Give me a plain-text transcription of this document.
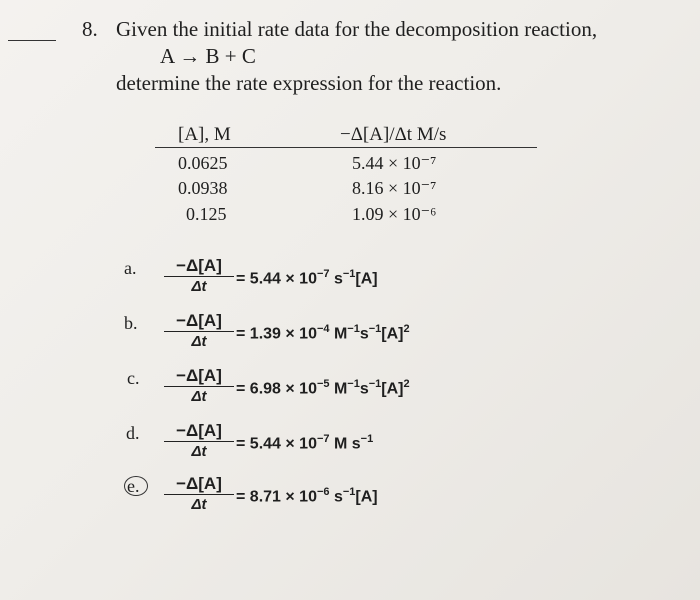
8. Given the initial rate data for the decomposition reaction,
A → B + C
determine the rate expression for the reaction.
[A], M	−Δ[A]/Δt M/s
0.0625	5.44 × 10⁻⁷
0.0938	8.16 × 10⁻⁷
0.125	1.09 × 10⁻⁶
a.	−Δ[A]
Δt	= $5.44 \times 10^{-7}$ $s^{-1}[A]$
b.	−Δ[A]
Δt	= $1.39 \times 10^{-4}$ $M^{-1}s^{-1}[A]^2$
c.	−Δ[A]
Δt	= $6.98 \times 10^{-5}$ $M^{-1}s^{-1}[A]^2$
d.	−Δ[A]
Δt	= $5.44 \times 10^{-7}$ M $s^{-1}$
e.	−Δ[A]
Δt	= $8.71 \times 10^{-6}$ $s^{-1}[A]$
